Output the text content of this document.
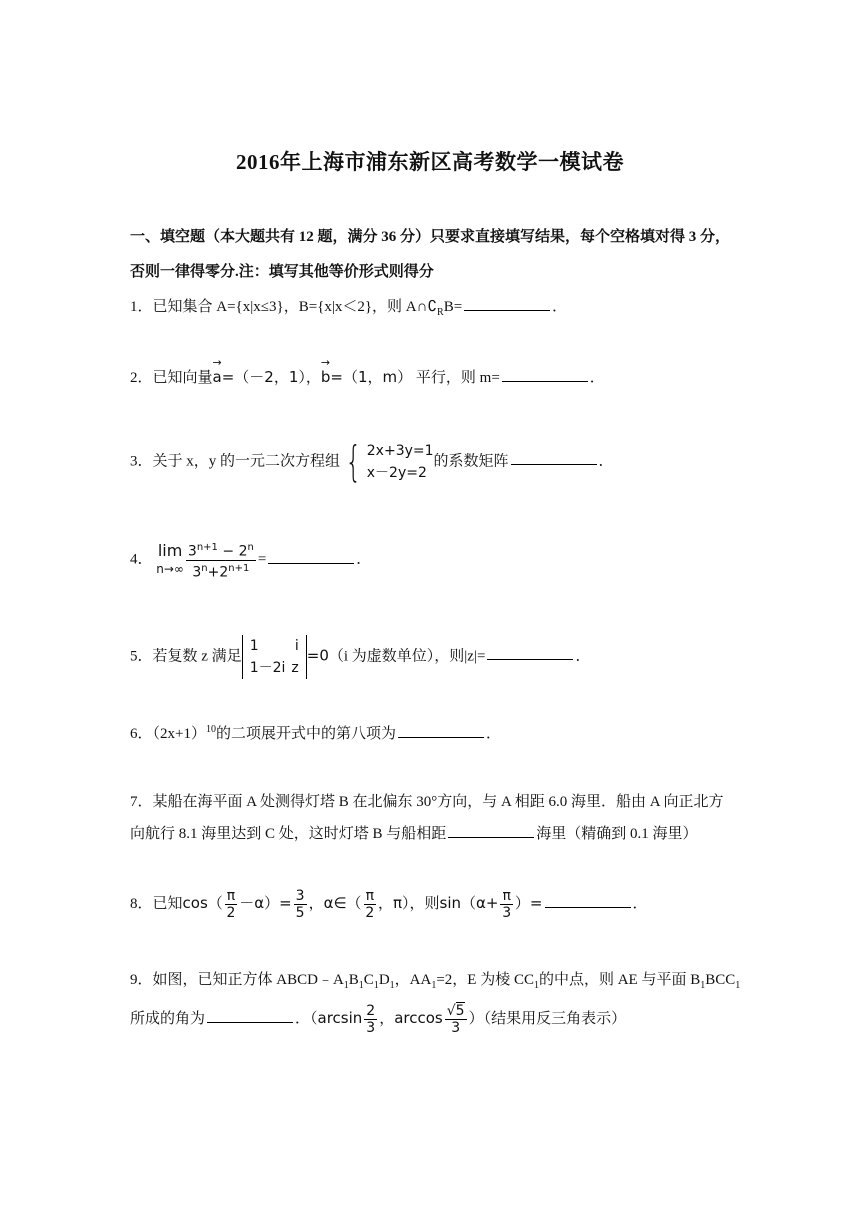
2016年上海市浦东新区高考数学一模试卷
一、填空题（本大题共有 12 题，满分 36 分）只要求直接填写结果，每个空格填对得 3 分，
否则一律得零分.注：填写其他等价形式则得分
1．已知集合 A={x|x≤3}，B={x|x＜2}，则 $A\cap∁_RB=$	．
2．已知向量→ a=（－2，1），→ b=（1，m） 平行，则 m=	．
3．关于 x，y 的一元二次方程组 { 2x+3y=1
x－2y=2
的系数矩阵	．
4． lim
$n\to\infty \frac{3^{n+1} - 2^n}{3^n+2^{n+1}}$ =	．
5．若复数 z 满足
1	i
1－2i	z
=0（i 为虚数单位），则|z|=	．
6．$(2x+1)^{10}$的二项展开式中的第八项为	．
7．某船在海平面 A 处测得灯塔 B 在北偏东 30°方向，与 A 相距 6.0 海里．船由 A 向正北方
向航行 8.1 海里达到 C 处，这时灯塔 B 与船相距	海里（精确到 0.1 海里）
8．已知$\cos( \frac{\pi}{2} -\alpha)= \frac{3}{5}$ ，α∈（ $\frac{\pi}{2}$ ，π），则$\sin(\alpha+ \frac{\pi}{3}$ ）=	．
9．如图，已知正方体 $ABCD﹣A_1B_1C_1D_1$，$AA_1=2$，E 为棱 $CC_1$的中点，则 AE 与平面 $B_1BCC_1$
所成的角为	．（$\arcsin \frac{2}{3}$ ，$\arccos \frac{√5}{3}$ ）（结果用反三角表示）
